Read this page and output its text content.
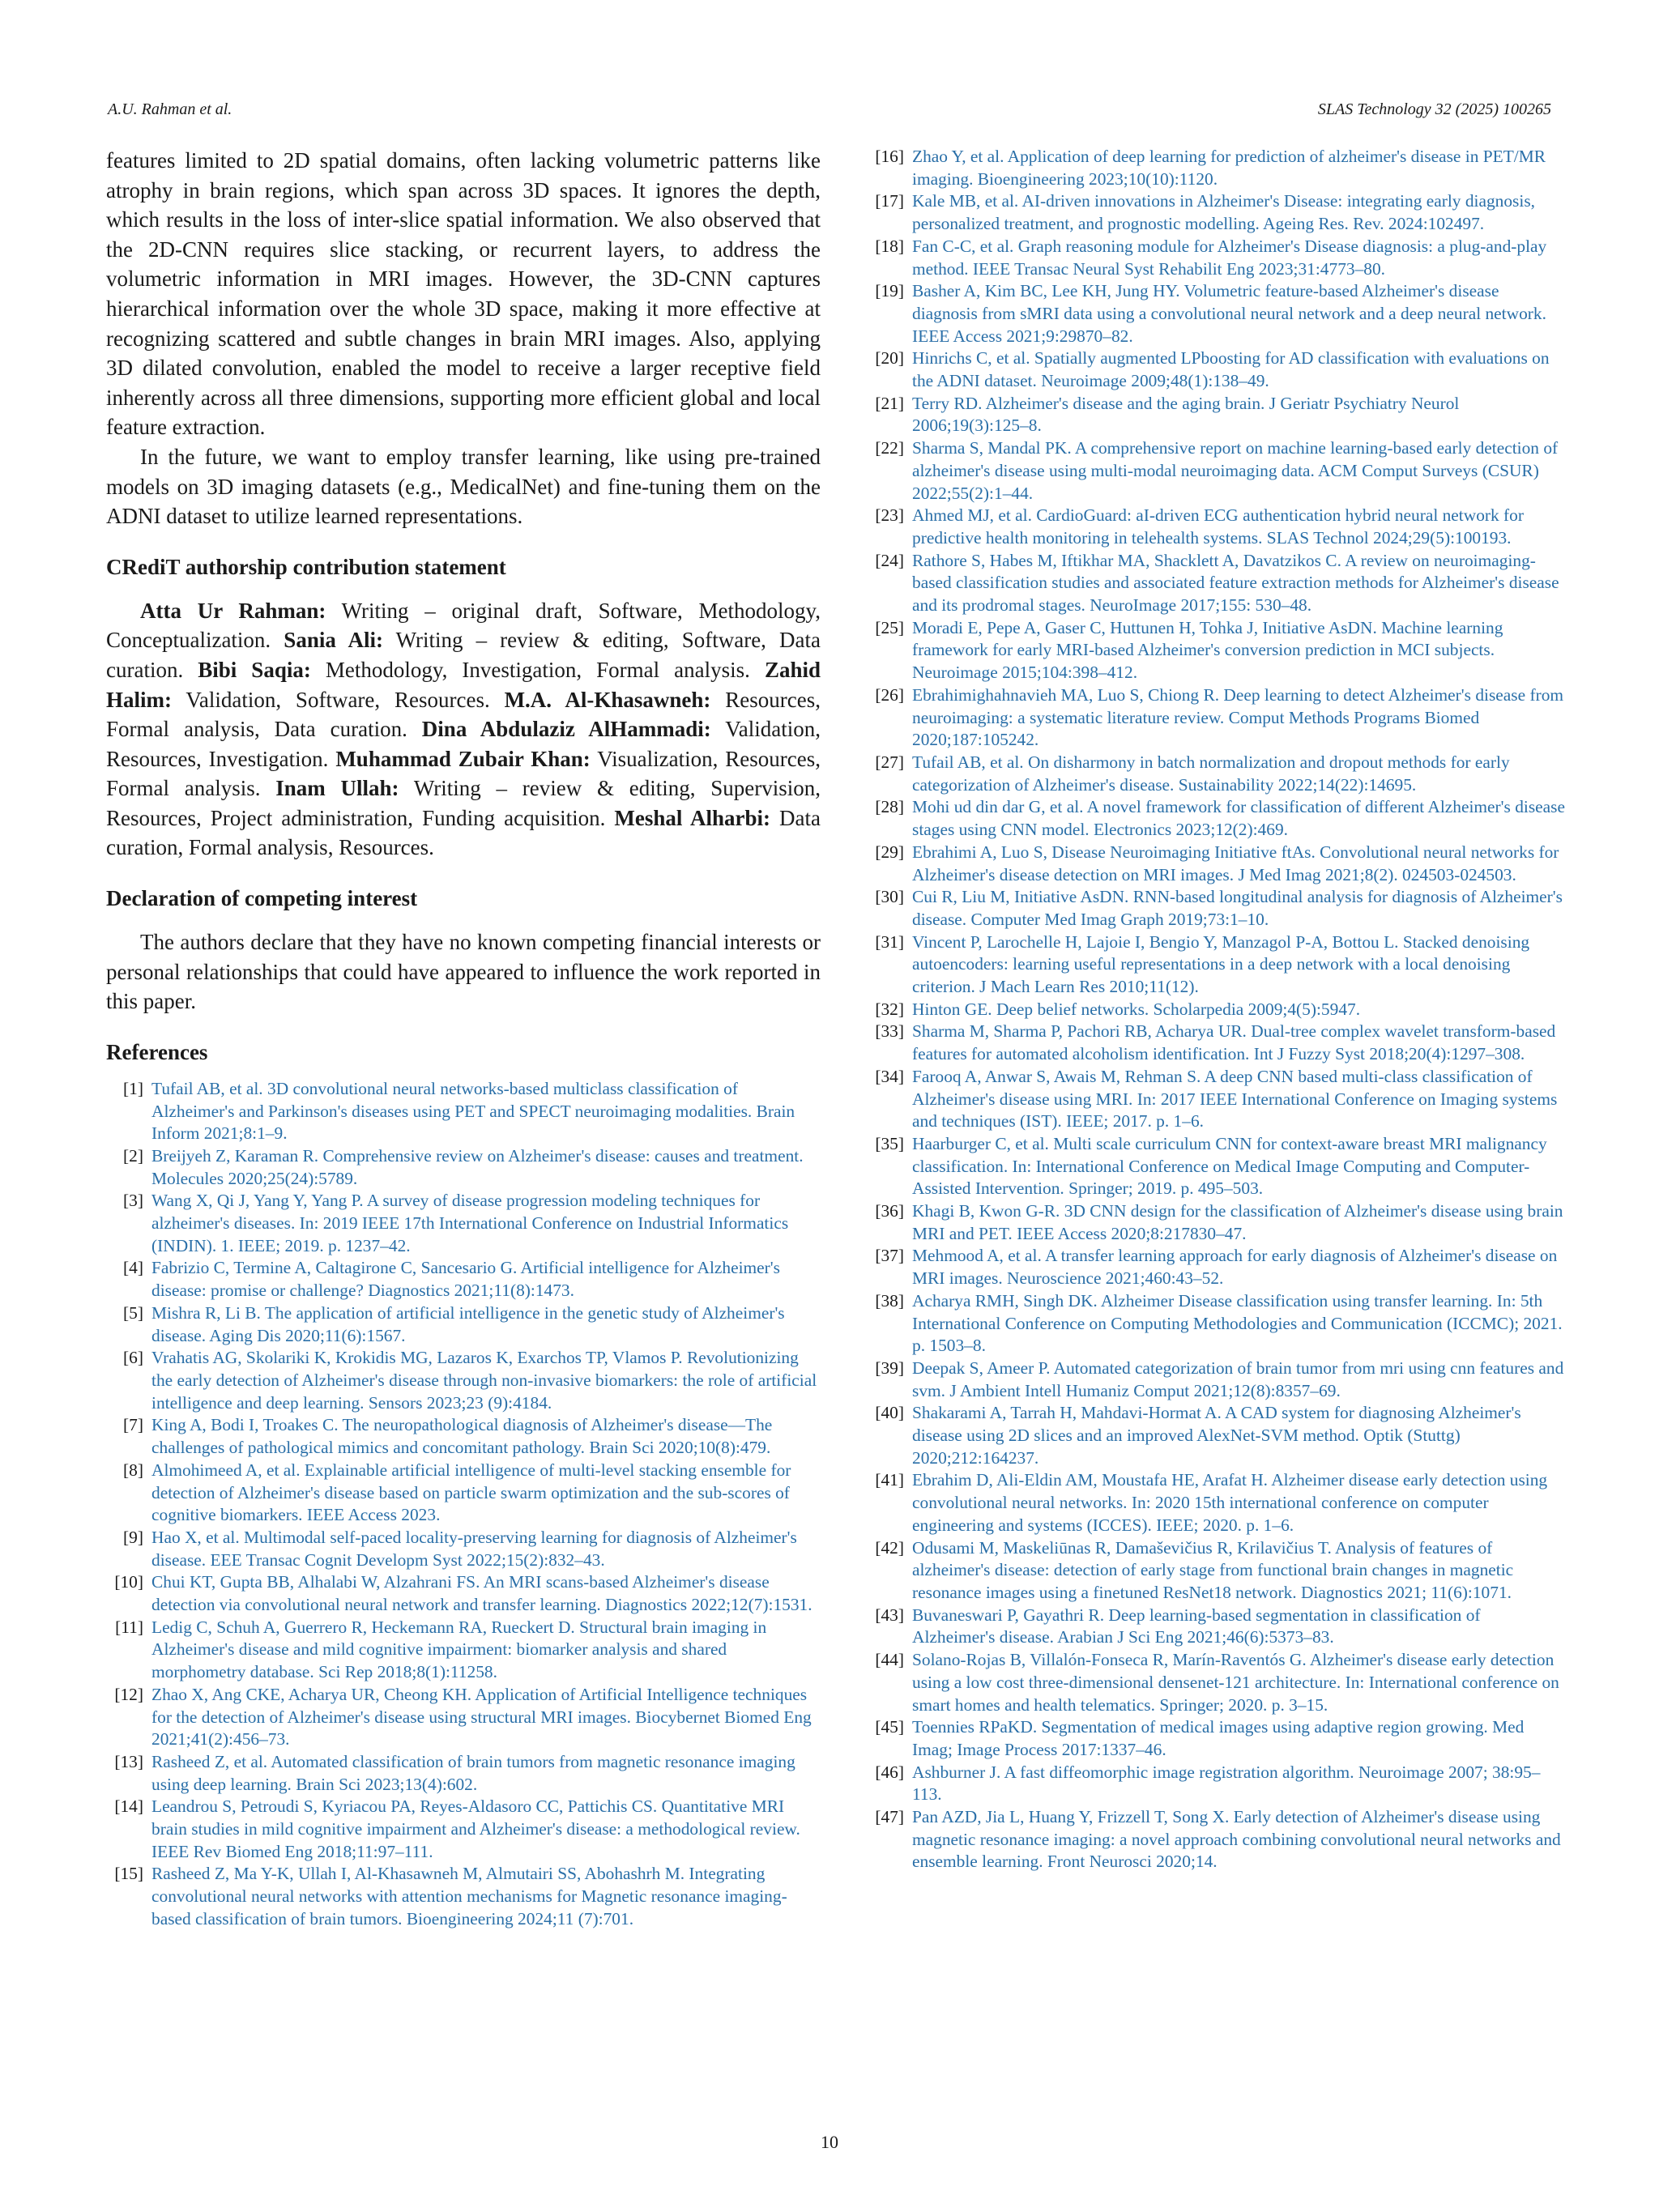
A.U. Rahman et al.	SLAS Technology 32 (2025) 100265

features limited to 2D spatial domains, often lacking volumetric patterns like atrophy in brain regions, which span across 3D spaces. It ignores the depth, which results in the loss of inter-slice spatial information. We also observed that the 2D-CNN requires slice stacking, or recurrent layers, to address the volumetric information in MRI images. However, the 3D-CNN captures hierarchical information over the whole 3D space, making it more effective at recognizing scattered and subtle changes in brain MRI images. Also, applying 3D dilated convolution, enabled the model to receive a larger receptive field inherently across all three dimensions, supporting more efficient global and local feature extraction.

In the future, we want to employ transfer learning, like using pre-trained models on 3D imaging datasets (e.g., MedicalNet) and fine-tuning them on the ADNI dataset to utilize learned representations.

CRediT authorship contribution statement

Atta Ur Rahman: Writing – original draft, Software, Methodology, Conceptualization. Sania Ali: Writing – review & editing, Software, Data curation. Bibi Saqia: Methodology, Investigation, Formal analysis. Zahid Halim: Validation, Software, Resources. M.A. Al-Khasawneh: Resources, Formal analysis, Data curation. Dina Abdulaziz AlHammadi: Validation, Resources, Investigation. Muhammad Zubair Khan: Visualization, Resources, Formal analysis. Inam Ullah: Writing – review & editing, Supervision, Resources, Project administration, Funding acquisition. Meshal Alharbi: Data curation, Formal analysis, Resources.

Declaration of competing interest

The authors declare that they have no known competing financial interests or personal relationships that could have appeared to influence the work reported in this paper.

References
[1] Tufail AB, et al. 3D convolutional neural networks-based multiclass classification of Alzheimer's and Parkinson's diseases using PET and SPECT neuroimaging modalities. Brain Inform 2021;8:1–9.
[2] Breijyeh Z, Karaman R. Comprehensive review on Alzheimer's disease: causes and treatment. Molecules 2020;25(24):5789.
[3] Wang X, Qi J, Yang Y, Yang P. A survey of disease progression modeling techniques for alzheimer's diseases. In: 2019 IEEE 17th International Conference on Industrial Informatics (INDIN). 1. IEEE; 2019. p. 1237–42.
[4] Fabrizio C, Termine A, Caltagirone C, Sancesario G. Artificial intelligence for Alzheimer's disease: promise or challenge? Diagnostics 2021;11(8):1473.
[5] Mishra R, Li B. The application of artificial intelligence in the genetic study of Alzheimer's disease. Aging Dis 2020;11(6):1567.
[6] Vrahatis AG, Skolariki K, Krokidis MG, Lazaros K, Exarchos TP, Vlamos P. Revolutionizing the early detection of Alzheimer's disease through non-invasive biomarkers: the role of artificial intelligence and deep learning. Sensors 2023;23 (9):4184.
[7] King A, Bodi I, Troakes C. The neuropathological diagnosis of Alzheimer's disease—The challenges of pathological mimics and concomitant pathology. Brain Sci 2020;10(8):479.
[8] Almohimeed A, et al. Explainable artificial intelligence of multi-level stacking ensemble for detection of Alzheimer's disease based on particle swarm optimization and the sub-scores of cognitive biomarkers. IEEE Access 2023.
[9] Hao X, et al. Multimodal self-paced locality-preserving learning for diagnosis of Alzheimer's disease. EEE Transac Cognit Developm Syst 2022;15(2):832–43.
[10] Chui KT, Gupta BB, Alhalabi W, Alzahrani FS. An MRI scans-based Alzheimer's disease detection via convolutional neural network and transfer learning. Diagnostics 2022;12(7):1531.
[11] Ledig C, Schuh A, Guerrero R, Heckemann RA, Rueckert D. Structural brain imaging in Alzheimer's disease and mild cognitive impairment: biomarker analysis and shared morphometry database. Sci Rep 2018;8(1):11258.
[12] Zhao X, Ang CKE, Acharya UR, Cheong KH. Application of Artificial Intelligence techniques for the detection of Alzheimer's disease using structural MRI images. Biocybernet Biomed Eng 2021;41(2):456–73.
[13] Rasheed Z, et al. Automated classification of brain tumors from magnetic resonance imaging using deep learning. Brain Sci 2023;13(4):602.
[14] Leandrou S, Petroudi S, Kyriacou PA, Reyes-Aldasoro CC, Pattichis CS. Quantitative MRI brain studies in mild cognitive impairment and Alzheimer's disease: a methodological review. IEEE Rev Biomed Eng 2018;11:97–111.
[15] Rasheed Z, Ma Y-K, Ullah I, Al-Khasawneh M, Almutairi SS, Abohashrh M. Integrating convolutional neural networks with attention mechanisms for Magnetic resonance imaging-based classification of brain tumors. Bioengineering 2024;11 (7):701.
[16] Zhao Y, et al. Application of deep learning for prediction of alzheimer's disease in PET/MR imaging. Bioengineering 2023;10(10):1120.
[17] Kale MB, et al. AI-driven innovations in Alzheimer's Disease: integrating early diagnosis, personalized treatment, and prognostic modelling. Ageing Res. Rev. 2024:102497.
[18] Fan C-C, et al. Graph reasoning module for Alzheimer's Disease diagnosis: a plug-and-play method. IEEE Transac Neural Syst Rehabilit Eng 2023;31:4773–80.
[19] Basher A, Kim BC, Lee KH, Jung HY. Volumetric feature-based Alzheimer's disease diagnosis from sMRI data using a convolutional neural network and a deep neural network. IEEE Access 2021;9:29870–82.
[20] Hinrichs C, et al. Spatially augmented LPboosting for AD classification with evaluations on the ADNI dataset. Neuroimage 2009;48(1):138–49.
[21] Terry RD. Alzheimer's disease and the aging brain. J Geriatr Psychiatry Neurol 2006;19(3):125–8.
[22] Sharma S, Mandal PK. A comprehensive report on machine learning-based early detection of alzheimer's disease using multi-modal neuroimaging data. ACM Comput Surveys (CSUR) 2022;55(2):1–44.
[23] Ahmed MJ, et al. CardioGuard: aI-driven ECG authentication hybrid neural network for predictive health monitoring in telehealth systems. SLAS Technol 2024;29(5):100193.
[24] Rathore S, Habes M, Iftikhar MA, Shacklett A, Davatzikos C. A review on neuroimaging-based classification studies and associated feature extraction methods for Alzheimer's disease and its prodromal stages. NeuroImage 2017;155: 530–48.
[25] Moradi E, Pepe A, Gaser C, Huttunen H, Tohka J, Initiative AsDN. Machine learning framework for early MRI-based Alzheimer's conversion prediction in MCI subjects. Neuroimage 2015;104:398–412.
[26] Ebrahimighahnavieh MA, Luo S, Chiong R. Deep learning to detect Alzheimer's disease from neuroimaging: a systematic literature review. Comput Methods Programs Biomed 2020;187:105242.
[27] Tufail AB, et al. On disharmony in batch normalization and dropout methods for early categorization of Alzheimer's disease. Sustainability 2022;14(22):14695.
[28] Mohi ud din dar G, et al. A novel framework for classification of different Alzheimer's disease stages using CNN model. Electronics 2023;12(2):469.
[29] Ebrahimi A, Luo S, Disease Neuroimaging Initiative ftAs. Convolutional neural networks for Alzheimer's disease detection on MRI images. J Med Imag 2021;8(2). 024503-024503.
[30] Cui R, Liu M, Initiative AsDN. RNN-based longitudinal analysis for diagnosis of Alzheimer's disease. Computer Med Imag Graph 2019;73:1–10.
[31] Vincent P, Larochelle H, Lajoie I, Bengio Y, Manzagol P-A, Bottou L. Stacked denoising autoencoders: learning useful representations in a deep network with a local denoising criterion. J Mach Learn Res 2010;11(12).
[32] Hinton GE. Deep belief networks. Scholarpedia 2009;4(5):5947.
[33] Sharma M, Sharma P, Pachori RB, Acharya UR. Dual-tree complex wavelet transform-based features for automated alcoholism identification. Int J Fuzzy Syst 2018;20(4):1297–308.
[34] Farooq A, Anwar S, Awais M, Rehman S. A deep CNN based multi-class classification of Alzheimer's disease using MRI. In: 2017 IEEE International Conference on Imaging systems and techniques (IST). IEEE; 2017. p. 1–6.
[35] Haarburger C, et al. Multi scale curriculum CNN for context-aware breast MRI malignancy classification. In: International Conference on Medical Image Computing and Computer-Assisted Intervention. Springer; 2019. p. 495–503.
[36] Khagi B, Kwon G-R. 3D CNN design for the classification of Alzheimer's disease using brain MRI and PET. IEEE Access 2020;8:217830–47.
[37] Mehmood A, et al. A transfer learning approach for early diagnosis of Alzheimer's disease on MRI images. Neuroscience 2021;460:43–52.
[38] Acharya RMH, Singh DK. Alzheimer Disease classification using transfer learning. In: 5th International Conference on Computing Methodologies and Communication (ICCMC); 2021. p. 1503–8.
[39] Deepak S, Ameer P. Automated categorization of brain tumor from mri using cnn features and svm. J Ambient Intell Humaniz Comput 2021;12(8):8357–69.
[40] Shakarami A, Tarrah H, Mahdavi-Hormat A. A CAD system for diagnosing Alzheimer's disease using 2D slices and an improved AlexNet-SVM method. Optik (Stuttg) 2020;212:164237.
[41] Ebrahim D, Ali-Eldin AM, Moustafa HE, Arafat H. Alzheimer disease early detection using convolutional neural networks. In: 2020 15th international conference on computer engineering and systems (ICCES). IEEE; 2020. p. 1–6.
[42] Odusami M, Maskeliūnas R, Damaševičius R, Krilavičius T. Analysis of features of alzheimer's disease: detection of early stage from functional brain changes in magnetic resonance images using a finetuned ResNet18 network. Diagnostics 2021; 11(6):1071.
[43] Buvaneswari P, Gayathri R. Deep learning-based segmentation in classification of Alzheimer's disease. Arabian J Sci Eng 2021;46(6):5373–83.
[44] Solano-Rojas B, Villalón-Fonseca R, Marín-Raventós G. Alzheimer's disease early detection using a low cost three-dimensional densenet-121 architecture. In: International conference on smart homes and health telematics. Springer; 2020. p. 3–15.
[45] Toennies RPaKD. Segmentation of medical images using adaptive region growing. Med Imag; Image Process 2017:1337–46.
[46] Ashburner J. A fast diffeomorphic image registration algorithm. Neuroimage 2007; 38:95–113.
[47] Pan AZD, Jia L, Huang Y, Frizzell T, Song X. Early detection of Alzheimer's disease using magnetic resonance imaging: a novel approach combining convolutional neural networks and ensemble learning. Front Neurosci 2020;14.
10
